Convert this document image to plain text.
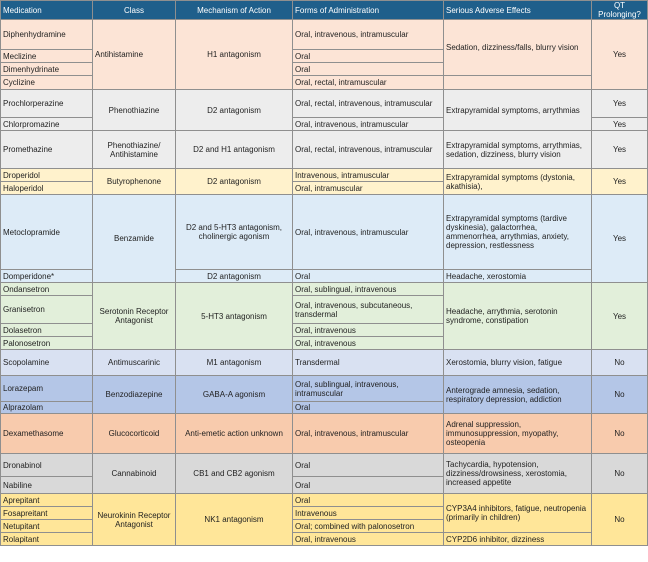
Medication	Class	Mechanism of Action	Forms of Administration	Serious Adverse Effects	QT Prolonging?
Diphenhydramine	Antihistamine	H1 antagonism	Oral, intravenous, intramuscular	Sedation, dizziness/falls, blurry vision	Yes
Meclizine			Oral		
Dimenhydrinate			Oral		
Cyclizine			Oral, rectal, intramuscular		
Prochlorperazine	Phenothiazine	D2 antagonism	Oral, rectal, intravenous, intramuscular	Extrapyramidal symptoms, arrythmias	Yes
Chlorpromazine			Oral, intravenous, intramuscular		Yes
Promethazine	Phenothiazine/ Antihistamine	D2 and H1 antagonism	Oral, rectal, intravenous, intramuscular	Extrapyramidal symptoms, arrythmias, sedation, dizziness, blurry vision	Yes
Droperidol	Butyrophenone	D2 antagonism	Intravenous, intramuscular	Extrapyramidal symptoms (dystonia, akathisia),	Yes
Haloperidol			Oral, intramuscular		
Metoclopramide	Benzamide	D2 and 5-HT3 antagonism, cholinergic agonism	Oral, intravenous, intramuscular	Extrapyramidal symptoms (tardive dyskinesia), galactorrhea, ammenorrhea, arrythmias, anxiety, depression, restlessness	Yes
Domperidone*		D2 antagonism	Oral	Headache, xerostomia	
Ondansetron	Serotonin Receptor Antagonist	5-HT3 antagonism	Oral, sublingual, intravenous	Headache, arrythmia, serotonin syndrome, constipation	Yes
Granisetron			Oral, intravenous, subcutaneous, transdermal		
Dolasetron			Oral, intravenous		
Palonosetron			Oral, intravenous		
Scopolamine	Antimuscarinic	M1 antagonism	Transdermal	Xerostomia, blurry vision, fatigue	No
Lorazepam	Benzodiazepine	GABA-A agonism	Oral, sublingual, intravenous, intramuscular	Anterograde amnesia, sedation, respiratory depression, addiction	No
Alprazolam			Oral		
Dexamethasome	Glucocorticoid	Anti-emetic action unknown	Oral, intravenous, intramuscular	Adrenal suppression, immunosuppression, myopathy, osteopenia	No
Dronabinol	Cannabinoid	CB1 and CB2 agonism	Oral	Tachycardia, hypotension, dizziness/drowsiness, xerostomia, increased appetite	No
Nabiline			Oral		
Aprepitant	Neurokinin Receptor Antagonist	NK1 antagonism	Oral	CYP3A4 inhibitors, fatigue, neutropenia (primarily in children)	No
Fosapreitant			Intravenous		
Netupitant			Oral; combined with palonosetron		
Rolapitant			Oral, intravenous	CYP2D6 inhibitor, dizziness	
